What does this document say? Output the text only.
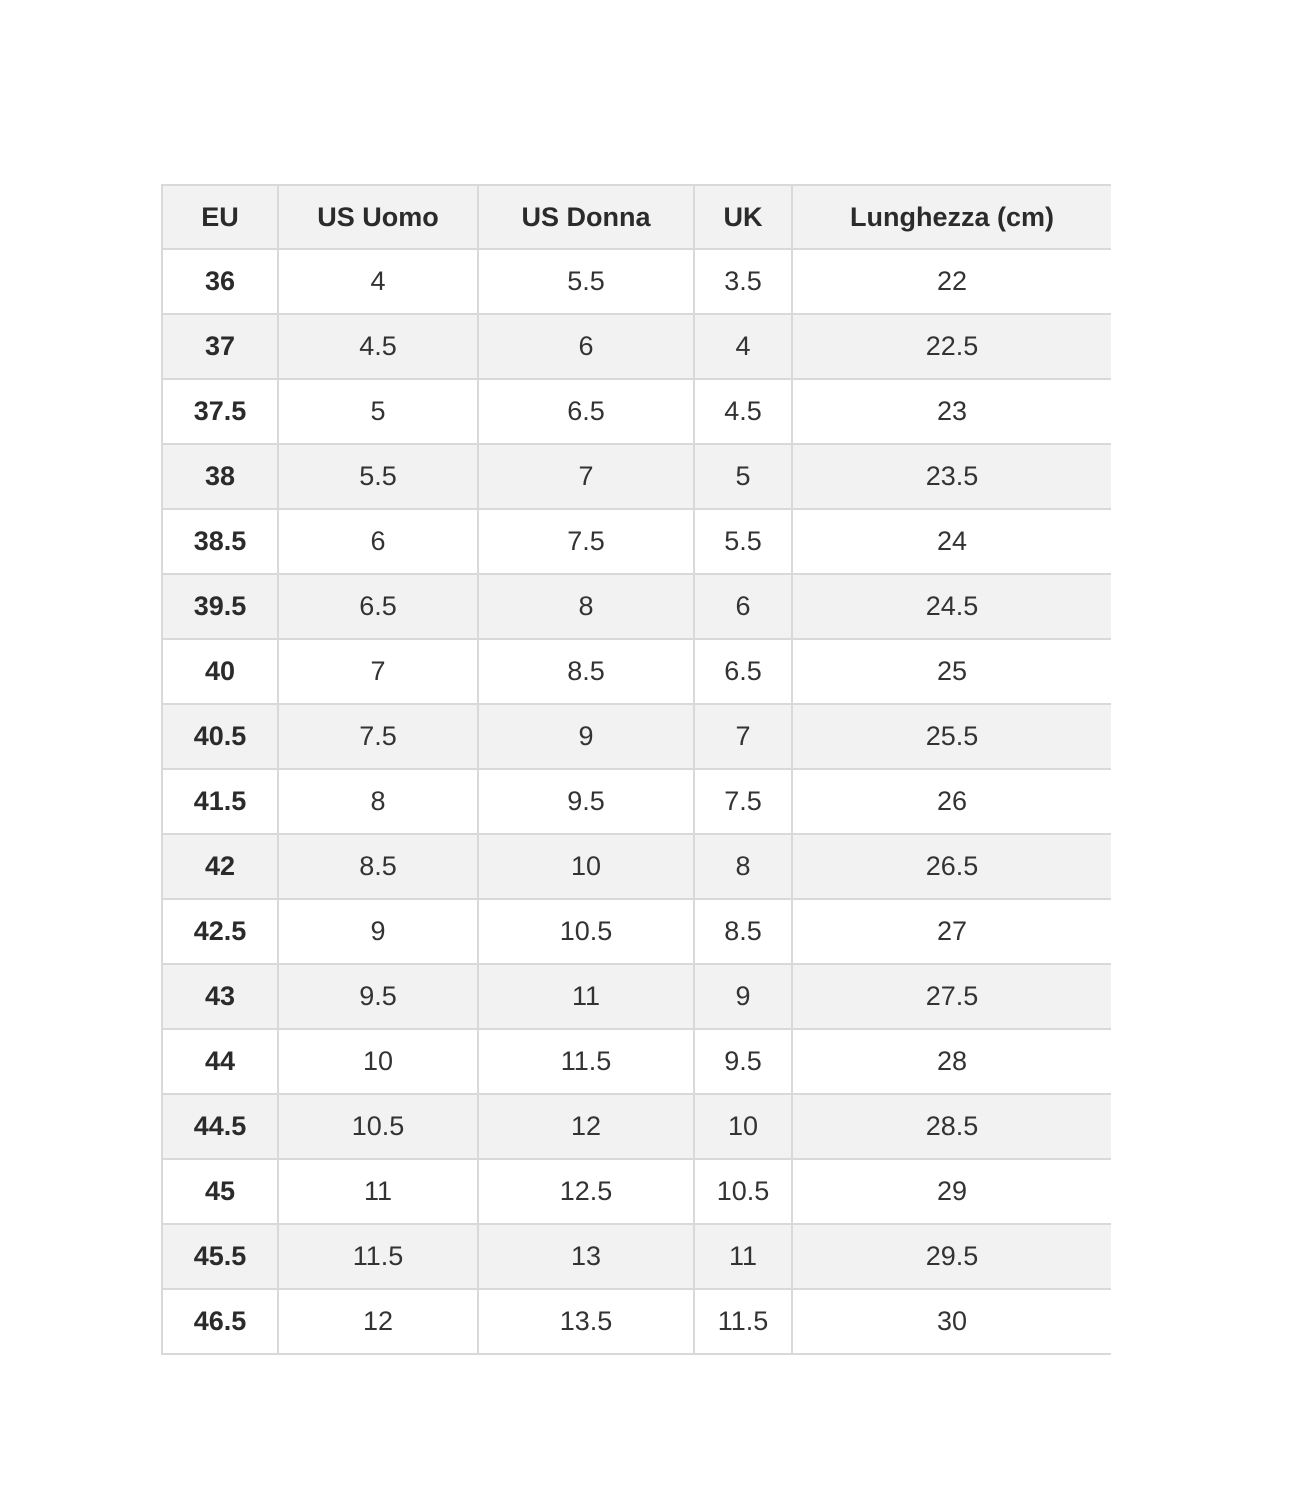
EU	US Uomo	US Donna	UK	Lunghezza (cm)
36	4	5.5	3.5	22
37	4.5	6	4	22.5
37.5	5	6.5	4.5	23
38	5.5	7	5	23.5
38.5	6	7.5	5.5	24
39.5	6.5	8	6	24.5
40	7	8.5	6.5	25
40.5	7.5	9	7	25.5
41.5	8	9.5	7.5	26
42	8.5	10	8	26.5
42.5	9	10.5	8.5	27
43	9.5	11	9	27.5
44	10	11.5	9.5	28
44.5	10.5	12	10	28.5
45	11	12.5	10.5	29
45.5	11.5	13	11	29.5
46.5	12	13.5	11.5	30
